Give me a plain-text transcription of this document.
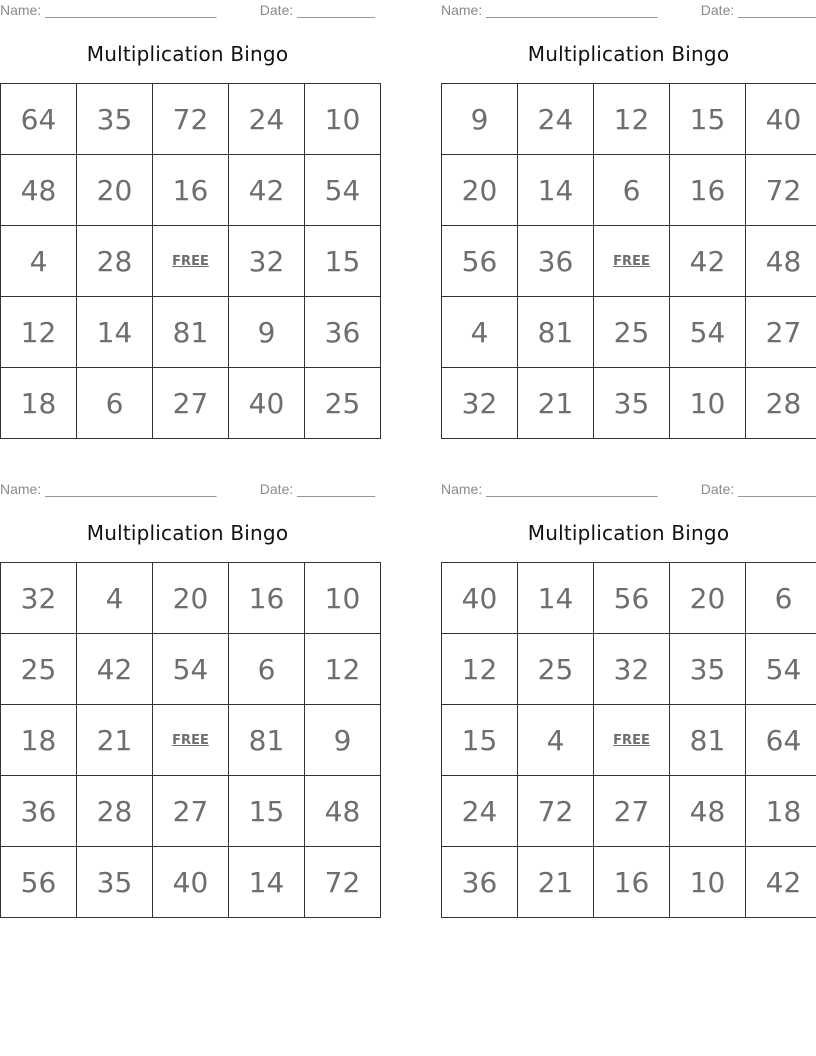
Name: ______________________	Date: __________
Multiplication Bingo
64	35	72	24	10
48	20	16	42	54
4	28	FREE	32	15
12	14	81	9	36
18	6	27	40	25
Name: ______________________	Date: __________
Multiplication Bingo
9	24	12	15	40
20	14	6	16	72
56	36	FREE	42	48
4	81	25	54	27
32	21	35	10	28
Name: ______________________	Date: __________
Multiplication Bingo
32	4	20	16	10
25	42	54	6	12
18	21	FREE	81	9
36	28	27	15	48
56	35	40	14	72
Name: ______________________	Date: __________
Multiplication Bingo
40	14	56	20	6
12	25	32	35	54
15	4	FREE	81	64
24	72	27	48	18
36	21	16	10	42
